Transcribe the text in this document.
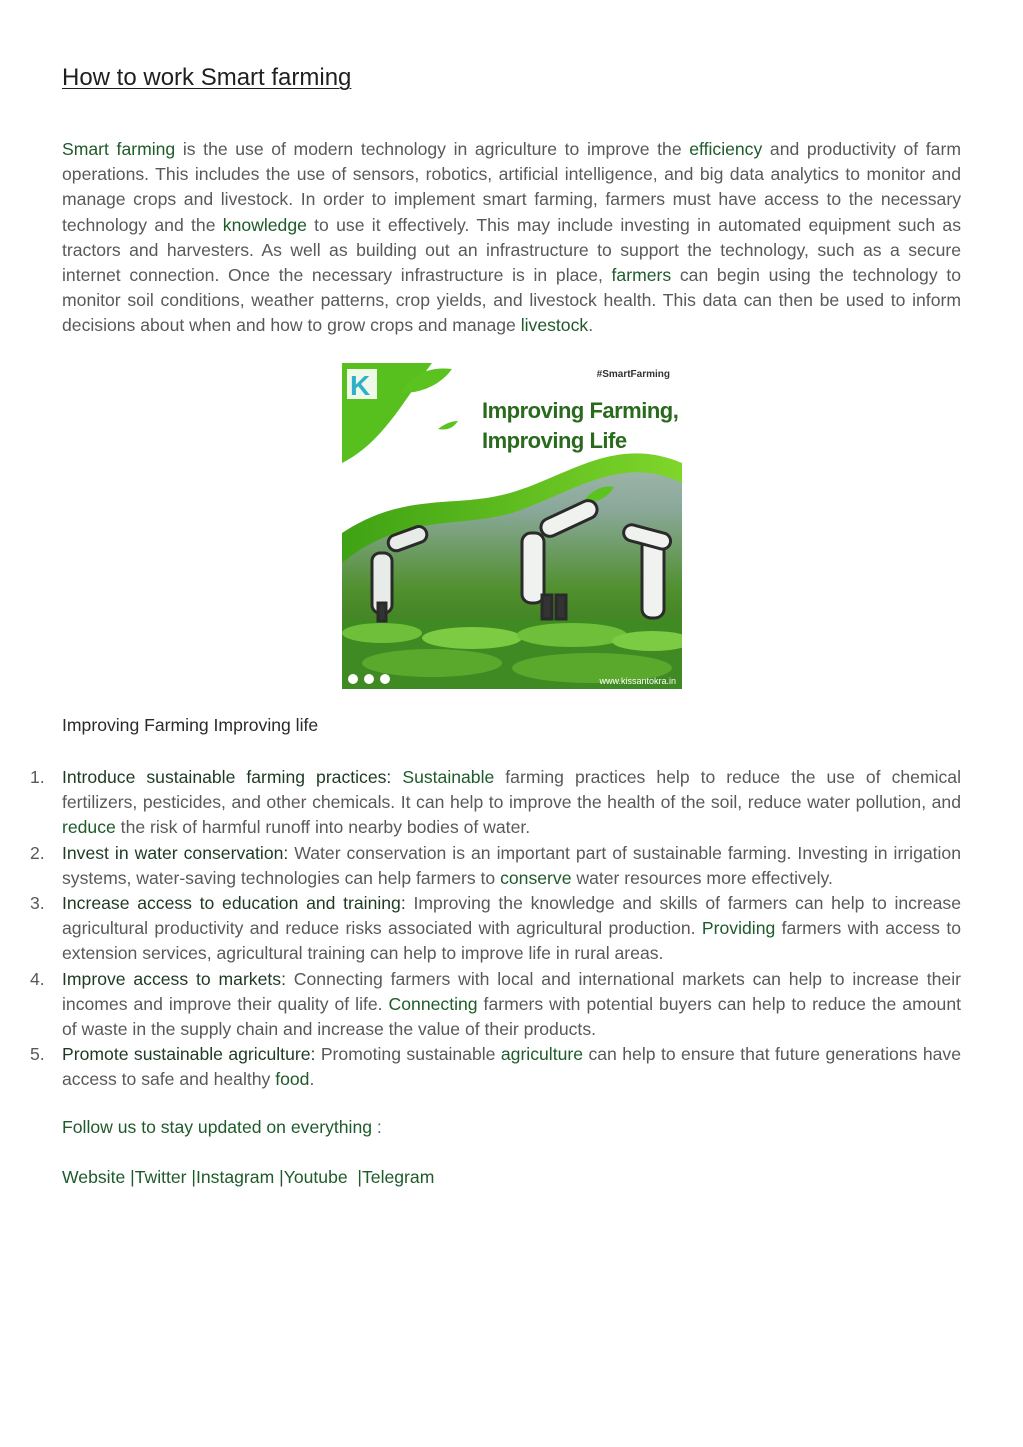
How to work Smart farming

Smart farming is the use of modern technology in agriculture to improve the efficiency and productivity of farm operations. This includes the use of sensors, robotics, artificial intelligence, and big data analytics to monitor and manage crops and livestock. In order to implement smart farming, farmers must have access to the necessary technology and the knowledge to use it effectively. This may include investing in automated equipment such as tractors and harvesters. As well as building out an infrastructure to support the technology, such as a secure internet connection. Once the necessary infrastructure is in place, farmers can begin using the technology to monitor soil conditions, weather patterns, crop yields, and livestock health. This data can then be used to inform decisions about when and how to grow crops and manage livestock.

K	#SmartFarming
Improving Farming,
Improving Life
www.kissantokra.in

Improving Farming Improving life

1. Introduce sustainable farming practices: Sustainable farming practices help to reduce the use of chemical fertilizers, pesticides, and other chemicals. It can help to improve the health of the soil, reduce water pollution, and reduce the risk of harmful runoff into nearby bodies of water.
2. Invest in water conservation: Water conservation is an important part of sustainable farming. Investing in irrigation systems, water-saving technologies can help farmers to conserve water resources more effectively.
3. Increase access to education and training: Improving the knowledge and skills of farmers can help to increase agricultural productivity and reduce risks associated with agricultural production. Providing farmers with access to extension services, agricultural training can help to improve life in rural areas.
4. Improve access to markets: Connecting farmers with local and international markets can help to increase their incomes and improve their quality of life. Connecting farmers with potential buyers can help to reduce the amount of waste in the supply chain and increase the value of their products.
5. Promote sustainable agriculture: Promoting sustainable agriculture can help to ensure that future generations have access to safe and healthy food.

Follow us to stay updated on everything :

Website |Twitter |Instagram |Youtube  |Telegram
